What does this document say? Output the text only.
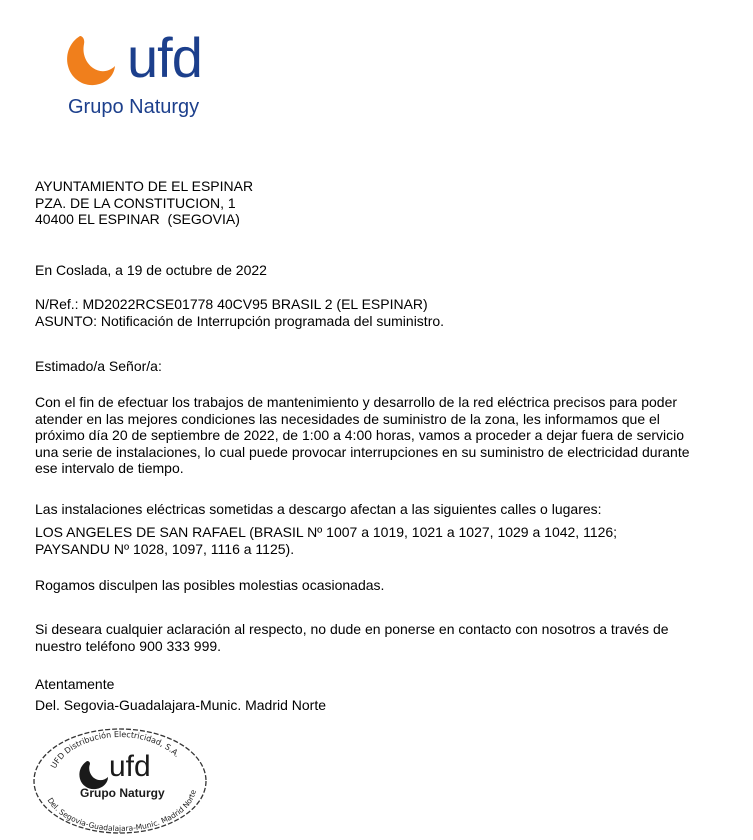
ufd
Grupo Naturgy
AYUNTAMIENTO DE EL ESPINAR
PZA. DE LA CONSTITUCION, 1
40400 EL ESPINAR  (SEGOVIA)
En Coslada, a 19 de octubre de 2022
N/Ref.: MD2022RCSE01778 40CV95 BRASIL 2 (EL ESPINAR)
ASUNTO: Notificación de Interrupción programada del suministro.
Estimado/a Señor/a:
Con el fin de efectuar los trabajos de mantenimiento y desarrollo de la red eléctrica precisos para poder
atender en las mejores condiciones las necesidades de suministro de la zona, les informamos que el
próximo día 20 de septiembre de 2022, de 1:00 a 4:00 horas, vamos a proceder a dejar fuera de servicio
una serie de instalaciones, lo cual puede provocar interrupciones en su suministro de electricidad durante
ese intervalo de tiempo.
Las instalaciones eléctricas sometidas a descargo afectan a las siguientes calles o lugares:
LOS ANGELES DE SAN RAFAEL (BRASIL Nº 1007 a 1019, 1021 a 1027, 1029 a 1042, 1126;
PAYSANDU Nº 1028, 1097, 1116 a 1125).
Rogamos disculpen las posibles molestias ocasionadas.
Si deseara cualquier aclaración al respecto, no dude en ponerse en contacto con nosotros a través de
nuestro teléfono 900 333 999.
Atentamente
Del. Segovia-Guadalajara-Munic. Madrid Norte
UFD Distribución Electricidad, S.A.
Del. Segovia-Guadalajara-Munic. Madrid Norte
ufd
Grupo Naturgy
